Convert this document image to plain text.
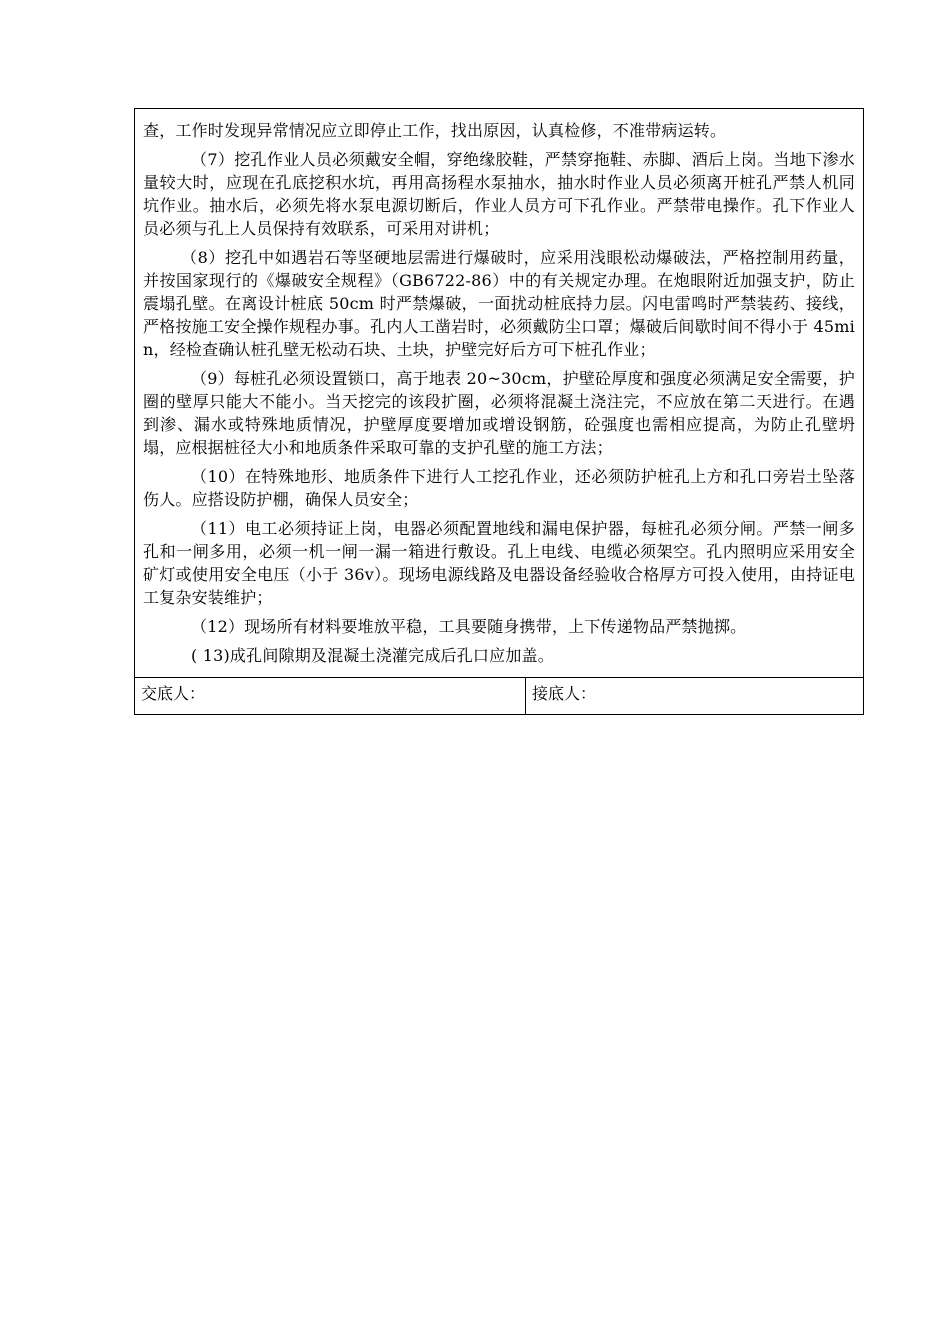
查，工作时发现异常情况应立即停止工作，找出原因，认真检修，不准带病运转。

（7）挖孔作业人员必须戴安全帽，穿绝缘胶鞋，严禁穿拖鞋、赤脚、酒后上岗。当地下渗水量较大时，应现在孔底挖积水坑，再用高扬程水泵抽水，抽水时作业人员必须离开桩孔严禁人机同坑作业。抽水后，必须先将水泵电源切断后，作业人员方可下孔作业。严禁带电操作。孔下作业人员必须与孔上人员保持有效联系，可采用对讲机；

（8）挖孔中如遇岩石等坚硬地层需进行爆破时，应采用浅眼松动爆破法，严格控制用药量，并按国家现行的《爆破安全规程》（GB6722-86）中的有关规定办理。在炮眼附近加强支护，防止震塌孔壁。在离设计桩底 50cm 时严禁爆破，一面扰动桩底持力层。闪电雷鸣时严禁装药、接线，严格按施工安全操作规程办事。孔内人工凿岩时，必须戴防尘口罩；爆破后间歇时间不得小于 45min，经检查确认桩孔壁无松动石块、土块，护壁完好后方可下桩孔作业；

（9）每桩孔必须设置锁口，高于地表 20~30cm，护壁砼厚度和强度必须满足安全需要，护圈的壁厚只能大不能小。当天挖完的该段扩圈，必须将混凝土浇注完，不应放在第二天进行。在遇到渗、漏水或特殊地质情况，护壁厚度要增加或增设钢筋，砼强度也需相应提高，为防止孔壁坍塌，应根据桩径大小和地质条件采取可靠的支护孔壁的施工方法；

（10）在特殊地形、地质条件下进行人工挖孔作业，还必须防护桩孔上方和孔口旁岩土坠落伤人。应搭设防护棚，确保人员安全；

（11）电工必须持证上岗，电器必须配置地线和漏电保护器，每桩孔必须分闸。严禁一闸多孔和一闸多用，必须一机一闸一漏一箱进行敷设。孔上电线、电缆必须架空。孔内照明应采用安全矿灯或使用安全电压（小于 36v）。现场电源线路及电器设备经验收合格厚方可投入使用，由持证电工复杂安装维护；

（12）现场所有材料要堆放平稳，工具要随身携带，上下传递物品严禁抛掷。

( 13)成孔间隙期及混凝土浇灌完成后孔口应加盖。

交底人：	接底人：
